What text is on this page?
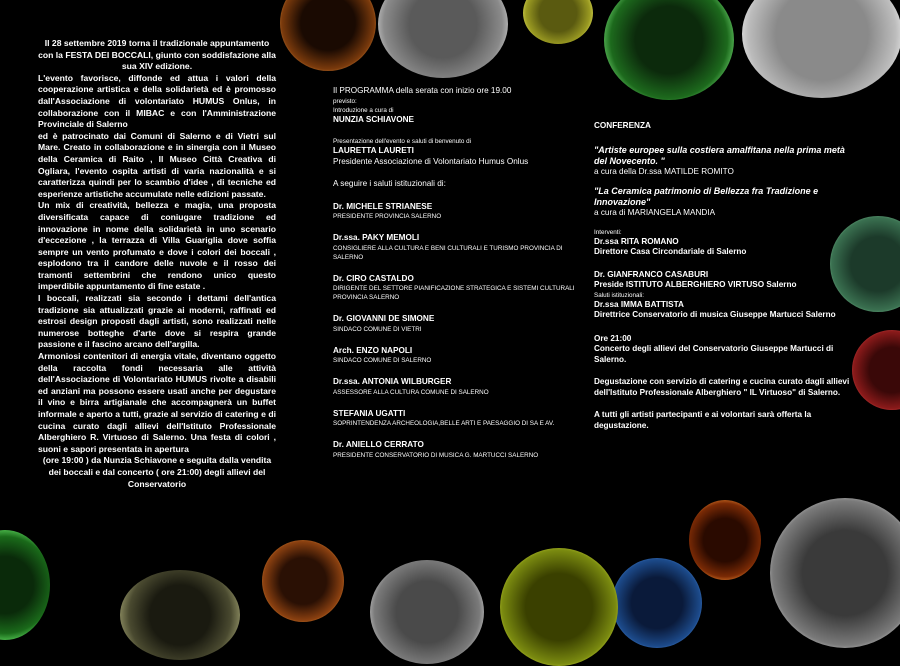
Il 28 settembre 2019 torna il tradizionale appuntamento con la FESTA DEI BOCCALI, giunto con soddisfazione alla sua XIV edizione.

L'evento favorisce, diffonde ed attua i valori della cooperazione artistica e della solidarietà ed è promosso dall'Associazione di volontariato HUMUS Onlus, in collaborazione con il MIBAC e con l'Amministrazione Provinciale di Salerno

ed è patrocinato dai Comuni di Salerno e di Vietri sul Mare. Creato in collaborazione e in sinergia con il Museo della Ceramica di Raito , Il Museo Città Creativa di Ogliara, l'evento ospita artisti di varia nazionalità e si caratterizza quindi per lo scambio d'idee , di tecniche ed esperienze artistiche accumulate nelle edizioni passate.

Un mix di creatività, bellezza e magia, una proposta diversificata capace di coniugare tradizione ed innovazione in nome della solidarietà in uno scenario d'eccezione , la terrazza di Villa Guariglia dove soffia sempre un vento profumato e dove i colori dei boccali , esplodono tra il candore delle nuvole e il rosso dei tramonti settembrini che rendono unico questo imperdibile appuntamento di fine estate .

I boccali, realizzati sia secondo i dettami dell'antica tradizione sia attualizzati grazie ai moderni, raffinati ed estrosi design proposti dagli artisti, sono realizzati nelle numerose botteghe d'arte dove si respira grande passione e il fascino arcano dell'argilla.

Armoniosi contenitori di energia vitale, diventano oggetto della raccolta fondi necessaria alle attività dell'Associazione di Volontariato HUMUS rivolte a disabili ed anziani ma possono essere usati anche per degustare il vino e birra artigianale che accompagnerà un buffet informale e aperto a tutti, grazie al servizio di catering e di cucina curato dagli allievi dell'Istituto Professionale Alberghiero R. Virtuoso di Salerno. Una festa di colori , suoni e sapori presentata in apertura

(ore 19:00 ) da Nunzia Schiavone e seguita dalla vendita dei boccali e dal concerto ( ore 21:00) degli allievi del Conservatorio

Il PROGRAMMA della serata con inizio ore 19.00
previsto:
Introduzione a cura di
NUNZIA SCHIAVONE
Presentazione dell'evento e saluti di benvenuto di
LAURETTA LAURETI
Presidente Associazione di Volontariato Humus Onlus
A seguire i saluti istituzionali di:
Dr. MICHELE STRIANESE
PRESIDENTE PROVINCIA SALERNO
Dr.ssa. PAKY MEMOLI
CONSIGLIERE ALLA CULTURA E BENI CULTURALI E TURISMO PROVINCIA DI SALERNO
Dr. CIRO CASTALDO
DIRIGENTE DEL SETTORE PIANIFICAZIONE STRATEGICA E SISTEMI CULTURALI PROVINCIA SALERNO
Dr. GIOVANNI DE SIMONE
SINDACO COMUNE DI VIETRI
Arch. ENZO NAPOLI
SINDACO COMUNE DI SALERNO
Dr.ssa. ANTONIA WILBURGER
ASSESSORE ALLA CULTURA COMUNE DI SALERNO
STEFANIA UGATTI
SOPRINTENDENZA ARCHEOLOGIA,BELLE ARTI E PAESAGGIO DI SA E AV.
Dr. ANIELLO CERRATO
PRESIDENTE CONSERVATORIO DI MUSICA G. MARTUCCI SALERNO
CONFERENZA
"Artiste europee sulla costiera amalfitana nella prima metà del Novecento. "
a cura della Dr.ssa MATILDE ROMITO
"La Ceramica patrimonio di Bellezza fra Tradizione e Innovazione"
a cura di MARIANGELA MANDIA
Interventi:
Dr.ssa RITA ROMANO
Direttore Casa Circondariale di Salerno
Dr. GIANFRANCO CASABURI
Preside ISTITUTO ALBERGHIERO VIRTUSO Salerno
Saluti istituzionali:
Dr.ssa IMMA BATTISTA
Direttrice Conservatorio di musica Giuseppe Martucci Salerno
Ore 21:00
Concerto degli allievi del Conservatorio Giuseppe Martucci di Salerno.
Degustazione con servizio di catering e cucina curato dagli allievi dell'Istituto Professionale Alberghiero " IL Virtuoso" di Salerno.
A tutti gli artisti partecipanti e ai volontari sarà offerta la degustazione.
